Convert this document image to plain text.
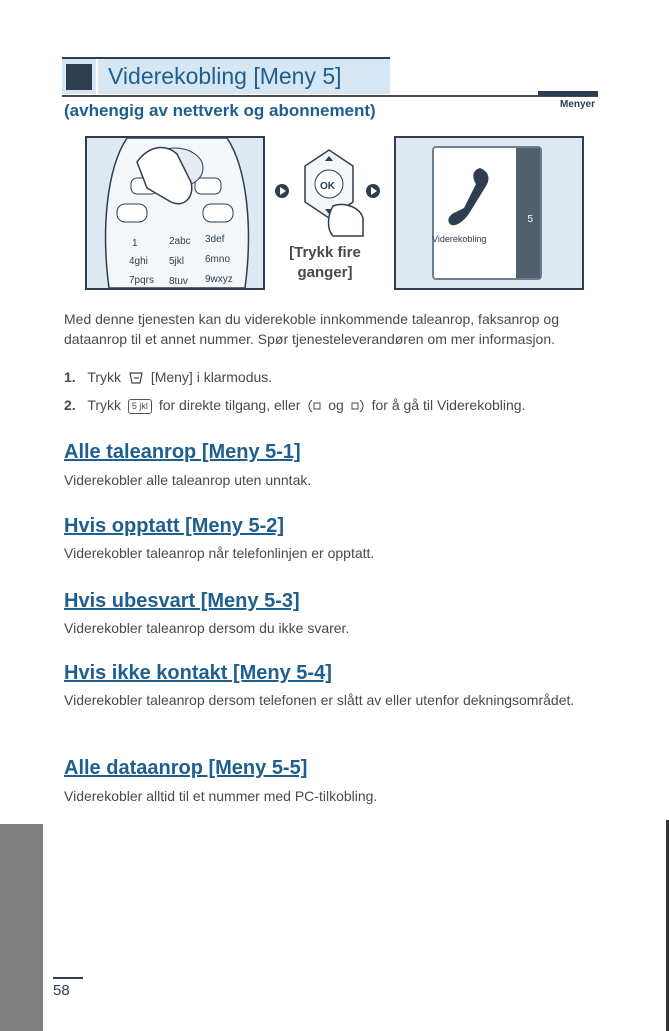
Viderekobling [Meny 5]
(avhengig av nettverk og abonnement)	Menyer
1	2abc 3def
4ghi 5jkl 6mno
7pqrs 8tuv 9wxyz
OK
[Trykk fire ganger]
Viderekobling
5
Med denne tjenesten kan du viderekoble innkommende taleanrop, faksanrop og dataanrop til et annet nummer. Spør tjenesteleverandøren om mer informasjon.
1. Trykk [Meny] i klarmodus.
2. Trykk 5 jkl for direkte tilgang, eller og for å gå til Viderekobling.
Alle taleanrop [Meny 5-1]
Viderekobler alle taleanrop uten unntak.
Hvis opptatt [Meny 5-2]
Viderekobler taleanrop når telefonlinjen er opptatt.
Hvis ubesvart [Meny 5-3]
Viderekobler taleanrop dersom du ikke svarer.
Hvis ikke kontakt [Meny 5-4]
Viderekobler taleanrop dersom telefonen er slått av eller utenfor dekningsområdet.
Alle dataanrop [Meny 5-5]
Viderekobler alltid til et nummer med PC-tilkobling.
58
